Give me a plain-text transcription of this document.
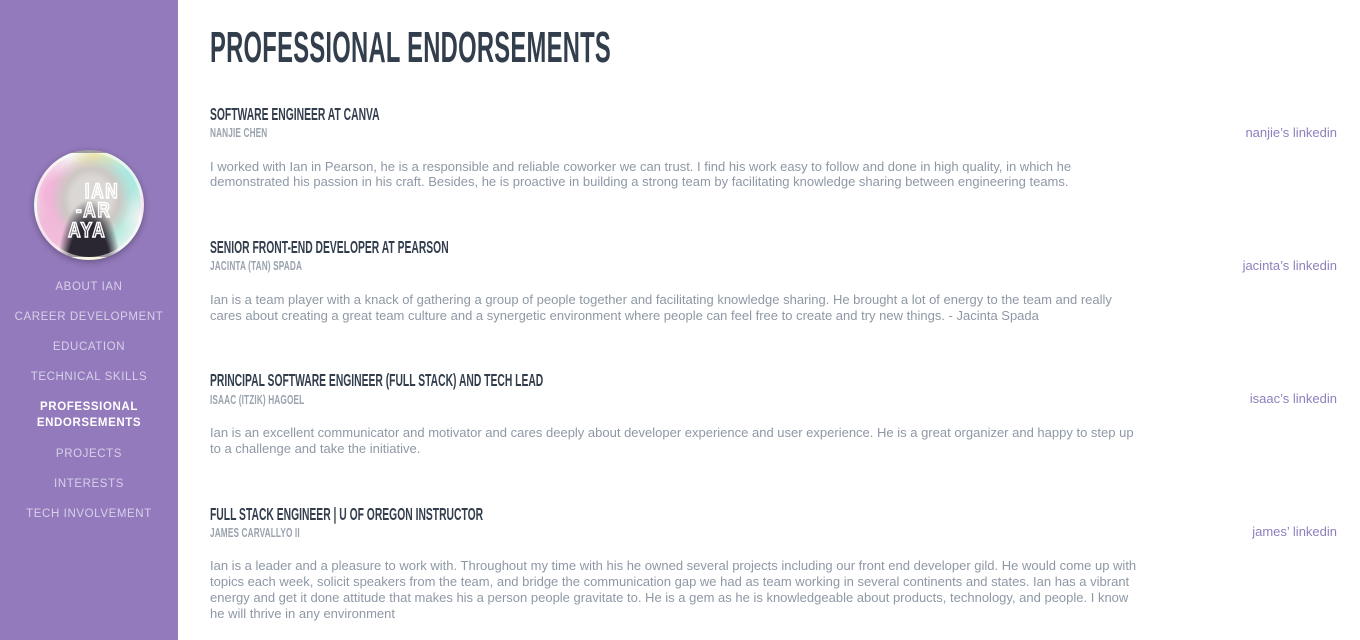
IAN
-AR
AYA
ABOUT IAN
CAREER DEVELOPMENT
EDUCATION
TECHNICAL SKILLS
PROFESSIONAL ENDORSEMENTS
PROJECTS
INTERESTS
TECH INVOLVEMENT
PROFESSIONAL ENDORSEMENTS
SOFTWARE ENGINEER AT CANVA
NANJIE CHEN	nanjie’s linkedin

I worked with Ian in Pearson, he is a responsible and reliable coworker we can trust. I find his work easy to follow and done in high quality, in which he demonstrated his passion in his craft. Besides, he is proactive in building a strong team by facilitating knowledge sharing between engineering teams.

SENIOR FRONT-END DEVELOPER AT PEARSON
JACINTA (TAN) SPADA	jacinta’s linkedin

Ian is a team player with a knack of gathering a group of people together and facilitating knowledge sharing. He brought a lot of energy to the team and really cares about creating a great team culture and a synergetic environment where people can feel free to create and try new things. - Jacinta Spada

PRINCIPAL SOFTWARE ENGINEER (FULL STACK) AND TECH LEAD
ISAAC (ITZIK) HAGOEL	isaac’s linkedin

Ian is an excellent communicator and motivator and cares deeply about developer experience and user experience. He is a great organizer and happy to step up to a challenge and take the initiative.

FULL STACK ENGINEER | U OF OREGON INSTRUCTOR
JAMES CARVALLYO II	james’ linkedin

Ian is a leader and a pleasure to work with. Throughout my time with his he owned several projects including our front end developer gild. He would come up with topics each week, solicit speakers from the team, and bridge the communication gap we had as team working in several continents and states. Ian has a vibrant energy and get it done attitude that makes his a person people gravitate to. He is a gem as he is knowledgeable about products, technology, and people. I know he will thrive in any environment
